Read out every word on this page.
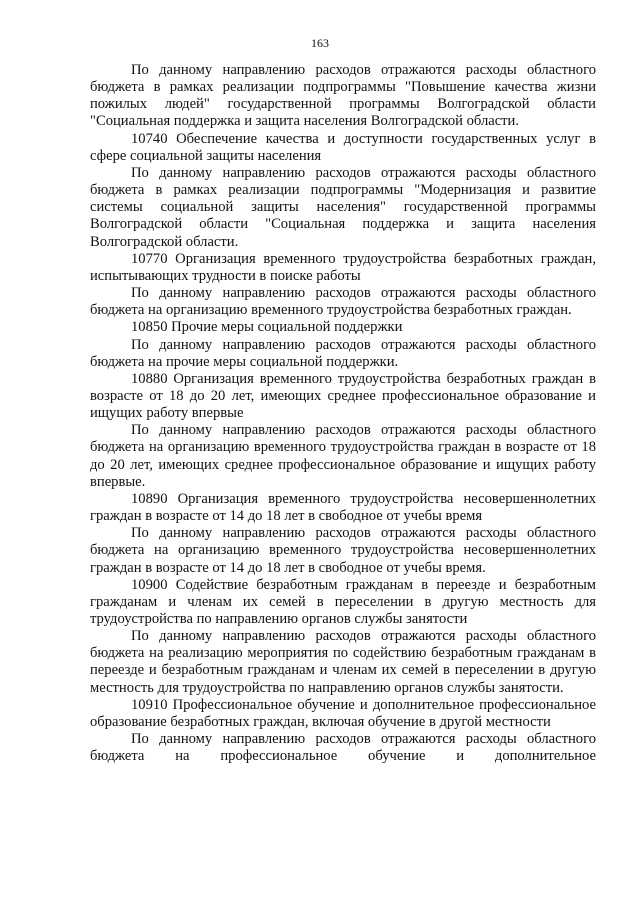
163

По данному направлению расходов отражаются расходы областного бюджета в рамках реализации подпрограммы "Повышение качества жизни пожилых людей" государственной программы Волгоградской области "Социальная поддержка и защита населения Волгоградской области.

10740 Обеспечение качества и доступности государственных услуг в сфере социальной защиты населения

По данному направлению расходов отражаются расходы областного бюджета в рамках реализации подпрограммы "Модернизация и развитие системы социальной защиты населения" государственной программы Волгоградской области "Социальная поддержка и защита населения Волгоградской области.

10770 Организация временного трудоустройства безработных граждан, испытывающих трудности в поиске работы

По данному направлению расходов отражаются расходы областного бюджета на организацию временного трудоустройства безработных граждан.

10850 Прочие меры социальной поддержки

По данному направлению расходов отражаются расходы областного бюджета на прочие меры социальной поддержки.

10880 Организация временного трудоустройства безработных граждан в возрасте от 18 до 20 лет, имеющих среднее профессиональное образование и ищущих работу впервые

По данному направлению расходов отражаются расходы областного бюджета на организацию временного трудоустройства граждан в возрасте от 18 до 20 лет, имеющих среднее профессиональное образование и ищущих работу впервые.

10890 Организация временного трудоустройства несовершеннолетних граждан в возрасте от 14 до 18 лет в свободное от учебы время

По данному направлению расходов отражаются расходы областного бюджета на организацию временного трудоустройства несовершеннолетних граждан в возрасте от 14 до 18 лет в свободное от учебы время.

10900 Содействие безработным гражданам в переезде и безработным гражданам и членам их семей в переселении в другую местность для трудоустройства по направлению органов службы занятости

По данному направлению расходов отражаются расходы областного бюджета на реализацию мероприятия по содействию безработным гражданам в переезде и безработным гражданам и членам их семей в переселении в другую местность для трудоустройства по направлению органов службы занятости.

10910 Профессиональное обучение и дополнительное профессиональное образование безработных граждан, включая обучение в другой местности

По данному направлению расходов отражаются расходы областного бюджета на профессиональное обучение и дополнительное
